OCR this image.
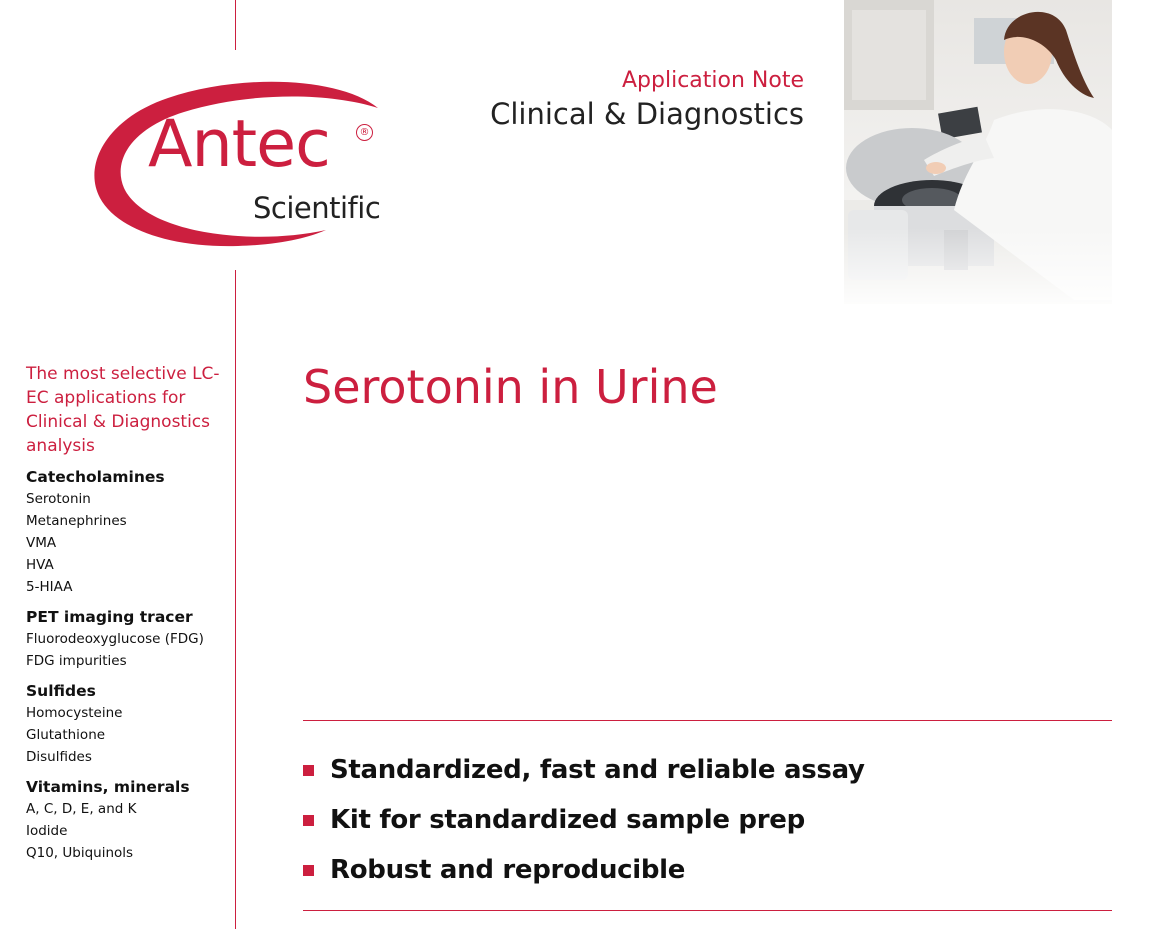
Antec	®
Scientific
Application Note
Clinical & Diagnostics
Serotonin in Urine
The most selective LC-EC applications for Clinical & Diagnostics analysis
Catecholamines
Serotonin
Metanephrines
VMA
HVA
5-HIAA
PET imaging tracer
Fluorodeoxyglucose (FDG)
FDG impurities
Sulfides
Homocysteine
Glutathione
Disulfides
Vitamins, minerals
A, C, D, E, and K
Iodide
Q10, Ubiquinols
Standardized, fast and reliable assay
Kit for standardized sample prep
Robust and reproducible
